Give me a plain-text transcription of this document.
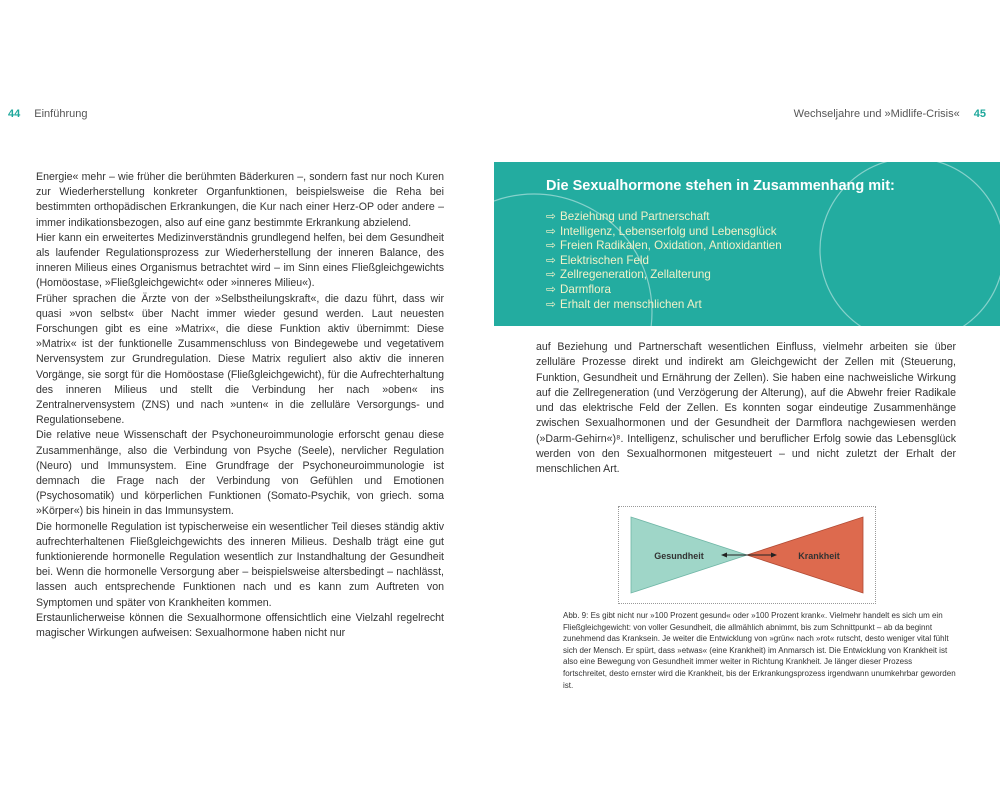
44 Einführung	Wechseljahre und »Midlife-Crisis« 45

Energie« mehr – wie früher die berühmten Bäderkuren –, sondern fast nur noch Kuren zur Wiederherstellung konkreter Organfunktionen, beispielsweise die Reha bei bestimmten orthopädischen Erkrankungen, die Kur nach einer Herz-OP oder andere – immer indikationsbezogen, also auf eine ganz bestimmte Erkrankung abzielend.

Hier kann ein erweitertes Medizinverständnis grundlegend helfen, bei dem Gesundheit als laufender Regulationsprozess zur Wiederherstellung der inneren Balance, des inneren Milieus eines Organismus betrachtet wird – im Sinn eines Fließgleichgewichts (Homöostase, »Fließgleichgewicht« oder »inneres Milieu«).

Früher sprachen die Ärzte von der »Selbstheilungskraft«, die dazu führt, dass wir quasi »von selbst« über Nacht immer wieder gesund werden. Laut neuesten Forschungen gibt es eine »Matrix«, die diese Funktion aktiv übernimmt: Diese »Matrix« ist der funktionelle Zusammenschluss von Bindegewebe und vegetativem Nervensystem zur Grundregulation. Diese Matrix reguliert also aktiv die inneren Vorgänge, sie sorgt für die Homöostase (Fließgleichgewicht), für die Aufrechterhaltung des inneren Milieus und stellt die Verbindung her nach »oben« ins Zentralnervensystem (ZNS) und nach »unten« in die zelluläre Versorgungs- und Regulationsebene.

Die relative neue Wissenschaft der Psychoneuroimmunologie erforscht genau diese Zusammenhänge, also die Verbindung von Psyche (Seele), nervlicher Regulation (Neuro) und Immunsystem. Eine Grundfrage der Psychoneuroimmunologie ist demnach die Frage nach der Verbindung von Gefühlen und Emotionen (Psychosomatik) und körperlichen Funktionen (Somato-Psychik, von griech. soma »Körper«) bis hinein in das Immunsystem.

Die hormonelle Regulation ist typischerweise ein wesentlicher Teil dieses ständig aktiv aufrechterhaltenen Fließgleichgewichts des inneren Milieus. Deshalb trägt eine gut funktionierende hormonelle Regulation wesentlich zur Instandhaltung der Gesundheit bei. Wenn die hormonelle Versorgung aber – beispielsweise altersbedingt – nachlässt, lassen auch entsprechende Funktionen nach und es kann zum Auftreten von Symptomen und später von Krankheiten kommen.

Erstaunlicherweise können die Sexualhormone offensichtlich eine Vielzahl regelrecht magischer Wirkungen aufweisen: Sexualhormone haben nicht nur

Die Sexualhormone stehen in Zusammenhang mit:
⇨ Beziehung und Partnerschaft
⇨ Intelligenz, Lebenserfolg und Lebensglück
⇨ Freien Radikalen, Oxidation, Antioxidantien
⇨ Elektrischen Feld
⇨ Zellregeneration, Zellalterung
⇨ Darmflora
⇨ Erhalt der menschlichen Art

auf Beziehung und Partnerschaft wesentlichen Einfluss, vielmehr arbeiten sie über zelluläre Prozesse direkt und indirekt am Gleichgewicht der Zellen mit (Steuerung, Funktion, Gesundheit und Ernährung der Zellen). Sie haben eine nachweisliche Wirkung auf die Zellregeneration (und Verzögerung der Alterung), auf die Abwehr freier Radikale und das elektrische Feld der Zellen. Es konnten sogar eindeutige Zusammenhänge zwischen Sexualhormonen und der Gesundheit der Darmflora nachgewiesen werden (»Darm-Gehirn«)⁸. Intelligenz, schulischer und beruflicher Erfolg sowie das Lebensglück werden von den Sexualhormonen mitgesteuert – und nicht zuletzt der Erhalt der menschlichen Art.

Gesundheit	Krankheit

Abb. 9: Es gibt nicht nur »100 Prozent gesund« oder »100 Prozent krank«. Vielmehr handelt es sich um ein Fließgleichgewicht: von voller Gesundheit, die allmählich abnimmt, bis zum Schnittpunkt – ab da beginnt zunehmend das Kranksein. Je weiter die Entwicklung von »grün« nach »rot« rutscht, desto weniger vital fühlt sich der Mensch. Er spürt, dass »etwas« (eine Krankheit) im Anmarsch ist. Die Entwicklung von Krankheit ist also eine Bewegung von Gesundheit immer weiter in Richtung Krankheit. Je länger dieser Prozess fortschreitet, desto ernster wird die Krankheit, bis der Erkrankungsprozess irgendwann unumkehrbar geworden ist.
